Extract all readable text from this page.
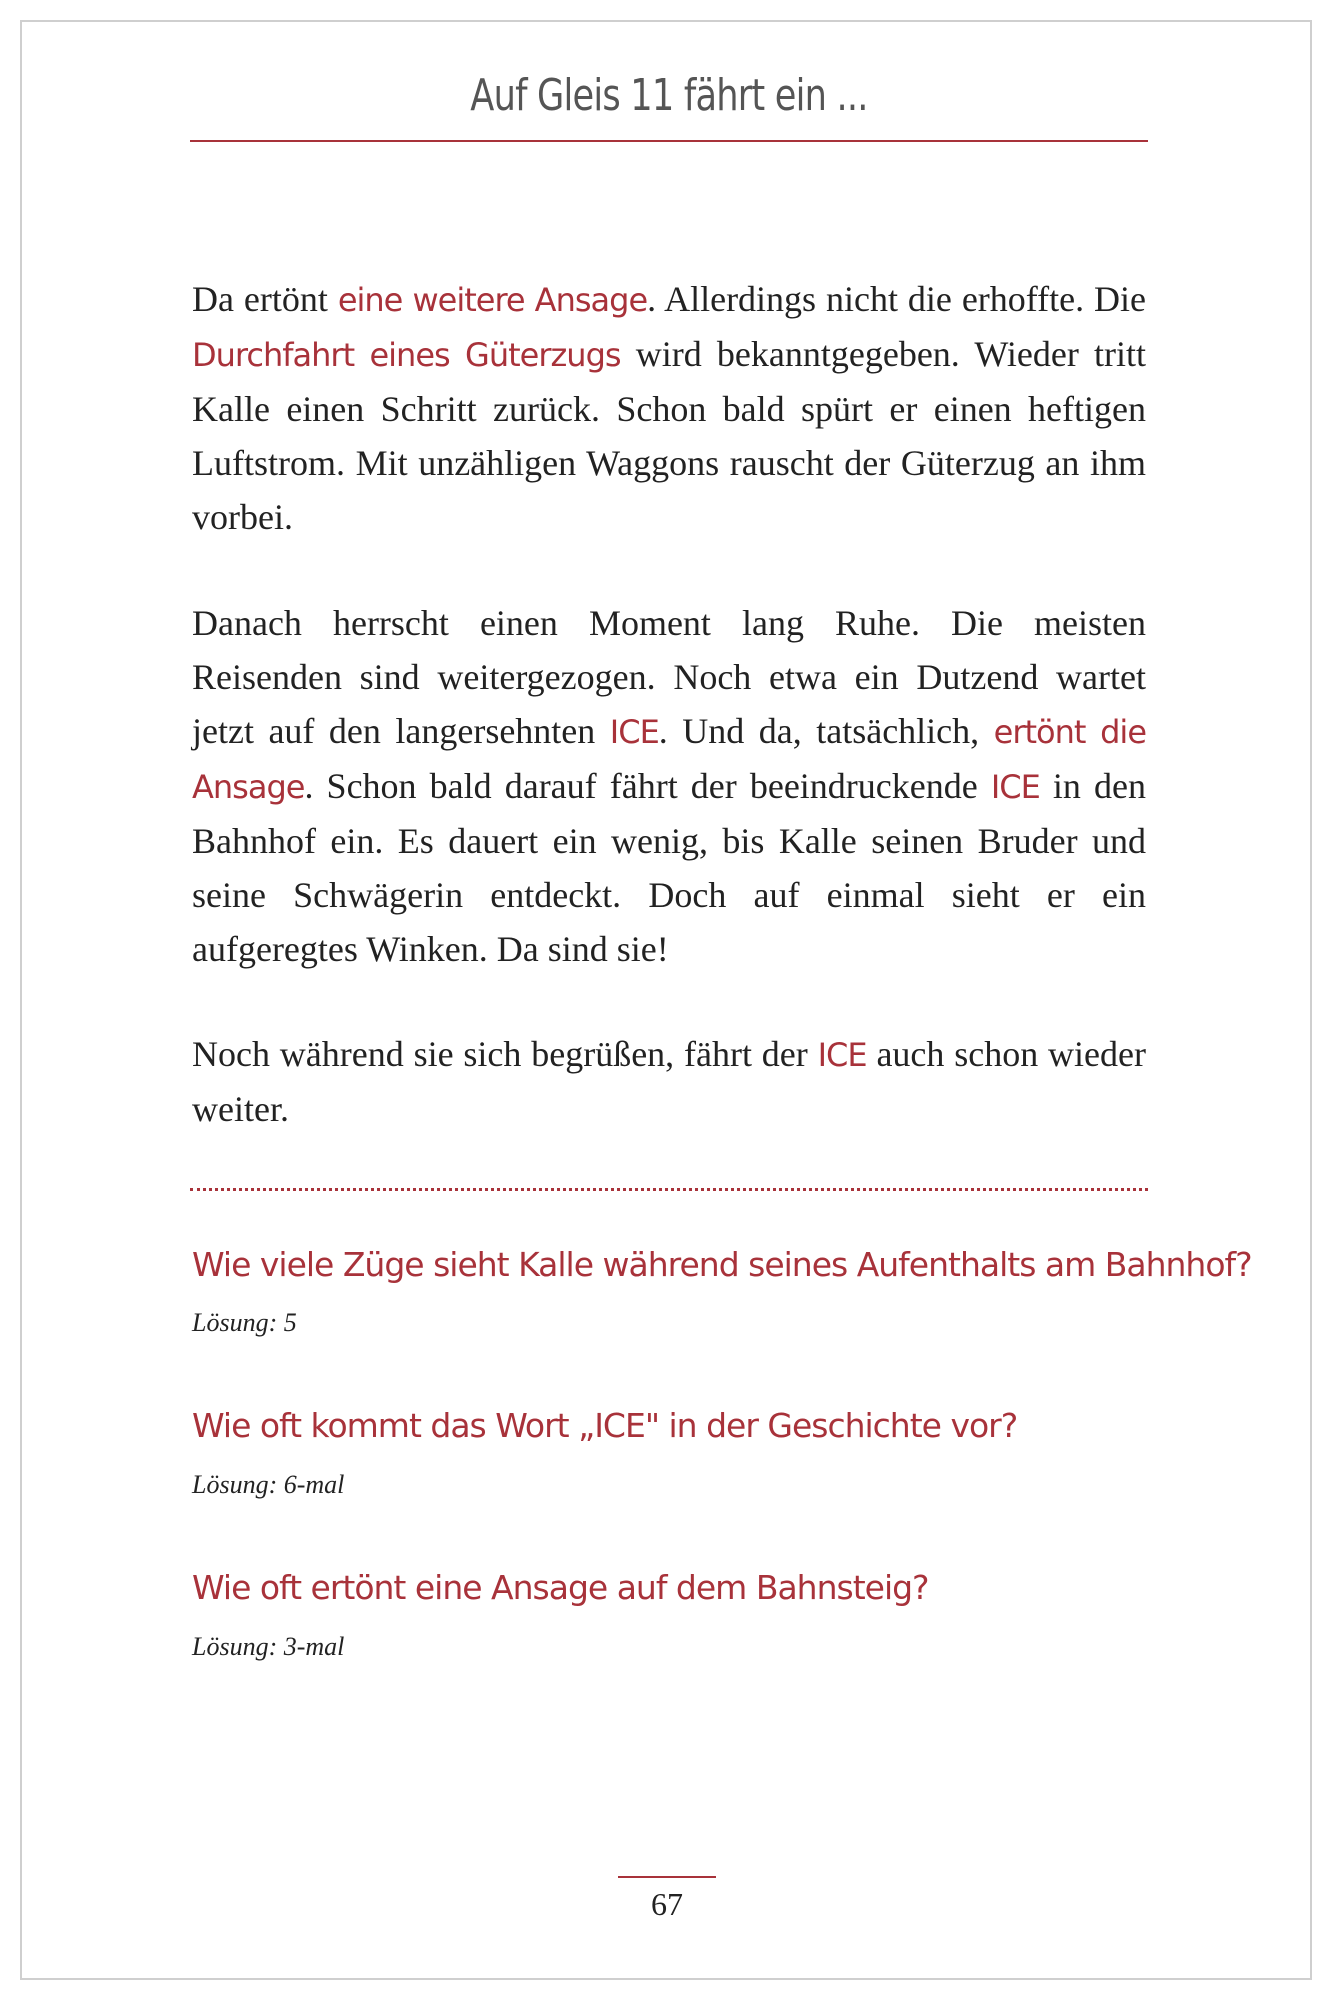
Auf Gleis 11 fährt ein ...

Da ertönt eine weitere Ansage. Allerdings nicht die erhoffte. Die Durchfahrt eines Güterzugs wird bekanntgegeben. Wieder tritt Kalle einen Schritt zurück. Schon bald spürt er einen heftigen Luftstrom. Mit unzähligen Waggons rauscht der Güterzug an ihm vorbei.

Danach herrscht einen Moment lang Ruhe. Die meisten Reisenden sind weitergezogen. Noch etwa ein Dutzend wartet jetzt auf den langersehnten ICE. Und da, tatsächlich, ertönt die Ansage. Schon bald darauf fährt der beeindruckende ICE in den Bahnhof ein. Es dauert ein wenig, bis Kalle seinen Bruder und seine Schwägerin entdeckt. Doch auf einmal sieht er ein aufgeregtes Winken. Da sind sie!

Noch während sie sich begrüßen, fährt der ICE auch schon wieder weiter.

Wie viele Züge sieht Kalle während seines Aufenthalts am Bahnhof?

Lösung: 5

Wie oft kommt das Wort „ICE" in der Geschichte vor?

Lösung: 6-mal

Wie oft ertönt eine Ansage auf dem Bahnsteig?

Lösung: 3-mal

67
